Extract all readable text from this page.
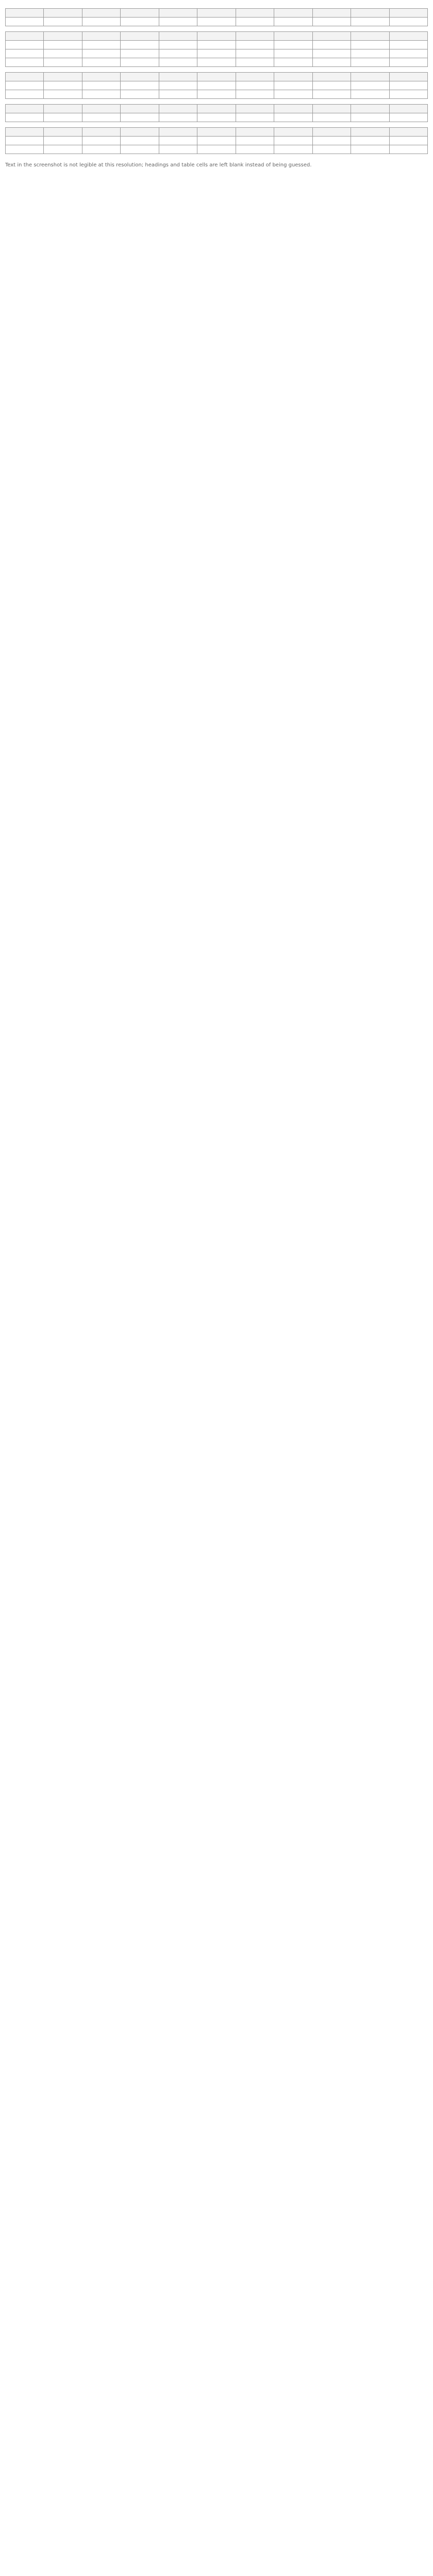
Text in the screenshot is not legible at this resolution; headings and table cells are left blank instead of being guessed.
